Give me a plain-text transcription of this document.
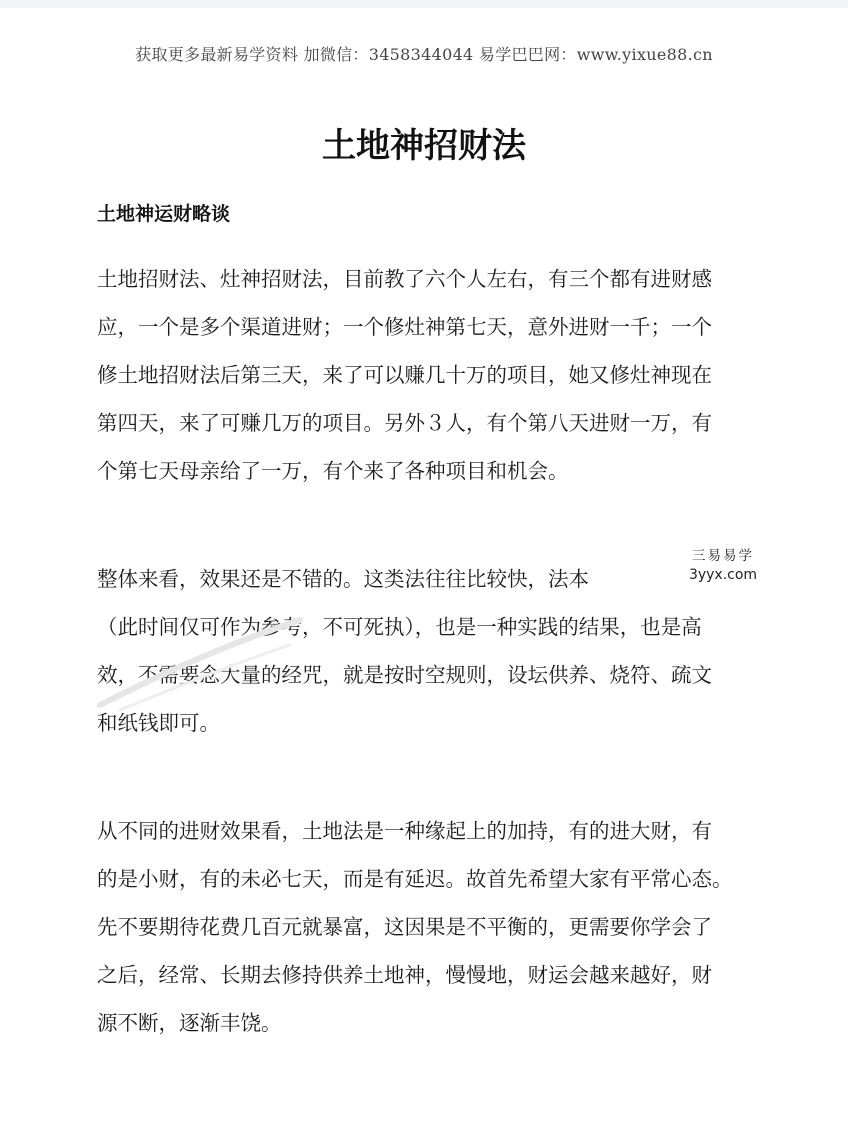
获取更多最新易学资料 加微信：3458344044 易学巴巴网：www.yixue88.cn
土地神招财法
土地神运财略谈
土地招财法、灶神招财法，目前教了六个人左右，有三个都有进财感
应，一个是多个渠道进财；一个修灶神第七天，意外进财一千；一个
修土地招财法后第三天，来了可以赚几十万的项目，她又修灶神现在
第四天，来了可赚几万的项目。另外３人，有个第八天进财一万，有
个第七天母亲给了一万，有个来了各种项目和机会。
整体来看，效果还是不错的。这类法往往比较快，法本
（此时间仅可作为参考，不可死执），也是一种实践的结果，也是高
效，不需要念大量的经咒，就是按时空规则，设坛供养、烧符、疏文
和纸钱即可。
从不同的进财效果看，土地法是一种缘起上的加持，有的进大财，有
的是小财，有的未必七天，而是有延迟。故首先希望大家有平常心态。
先不要期待花费几百元就暴富，这因果是不平衡的，更需要你学会了
之后，经常、长期去修持供养土地神，慢慢地，财运会越来越好，财
源不断，逐渐丰饶。
三易易学
3yyx.com
